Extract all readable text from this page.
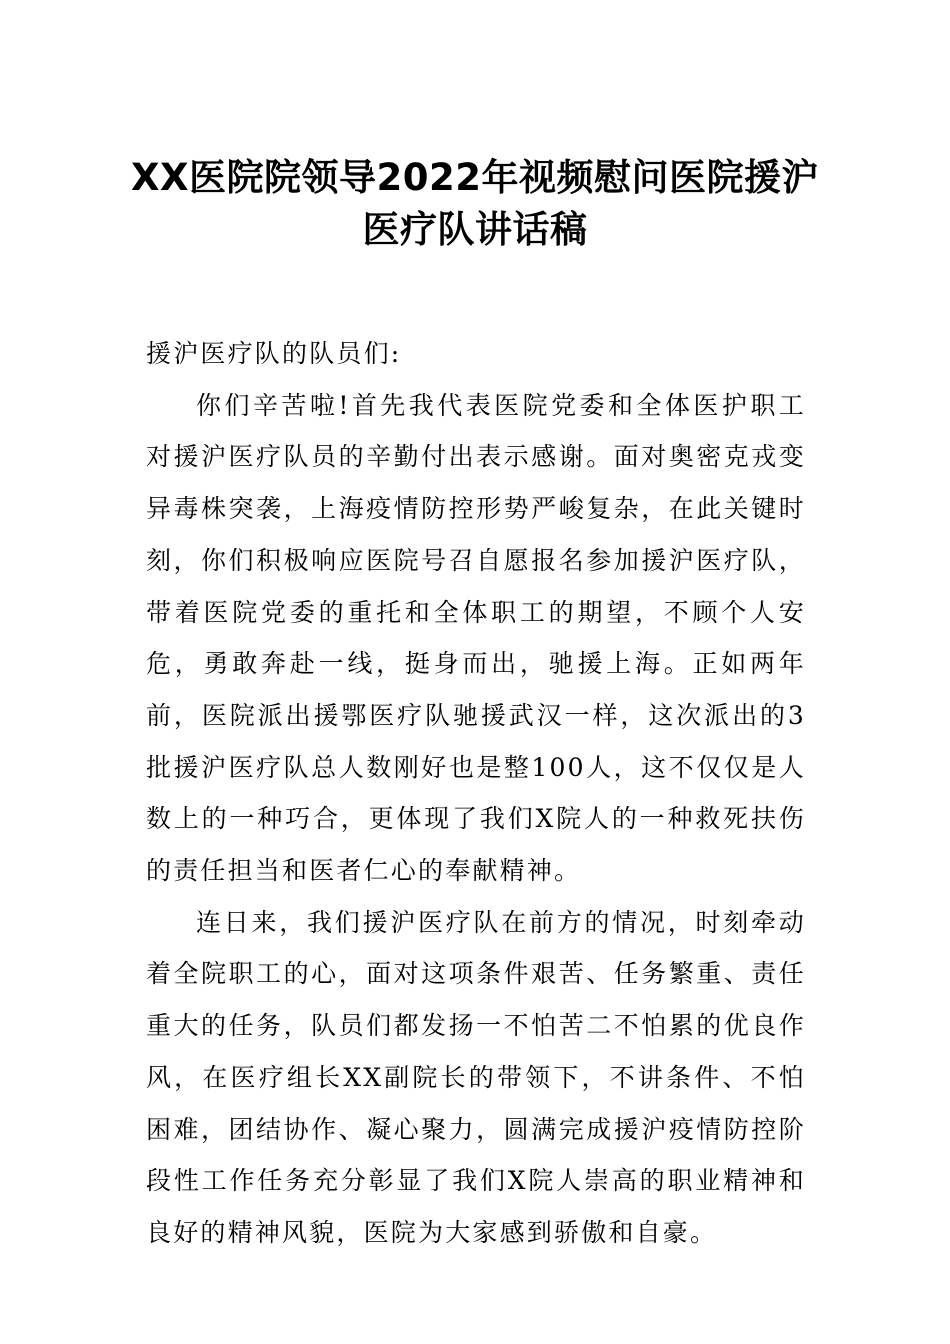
XX医院院领导2022年视频慰问医院援沪医疗队讲话稿

援沪医疗队的队员们:

你们辛苦啦!首先我代表医院党委和全体医护职工对援沪医疗队员的辛勤付出表示感谢。面对奥密克戎变异毒株突袭，上海疫情防控形势严峻复杂，在此关键时刻，你们积极响应医院号召自愿报名参加援沪医疗队，带着医院党委的重托和全体职工的期望，不顾个人安危，勇敢奔赴一线，挺身而出，驰援上海。正如两年前，医院派出援鄂医疗队驰援武汉一样，这次派出的3批援沪医疗队总人数刚好也是整100人，这不仅仅是人数上的一种巧合，更体现了我们X院人的一种救死扶伤的责任担当和医者仁心的奉献精神。

连日来，我们援沪医疗队在前方的情况，时刻牵动着全院职工的心，面对这项条件艰苦、任务繁重、责任重大的任务，队员们都发扬一不怕苦二不怕累的优良作风，在医疗组长XX副院长的带领下，不讲条件、不怕困难，团结协作、凝心聚力，圆满完成援沪疫情防控阶段性工作任务充分彰显了我们X院人崇高的职业精神和良好的精神风貌，医院为大家感到骄傲和自豪。
